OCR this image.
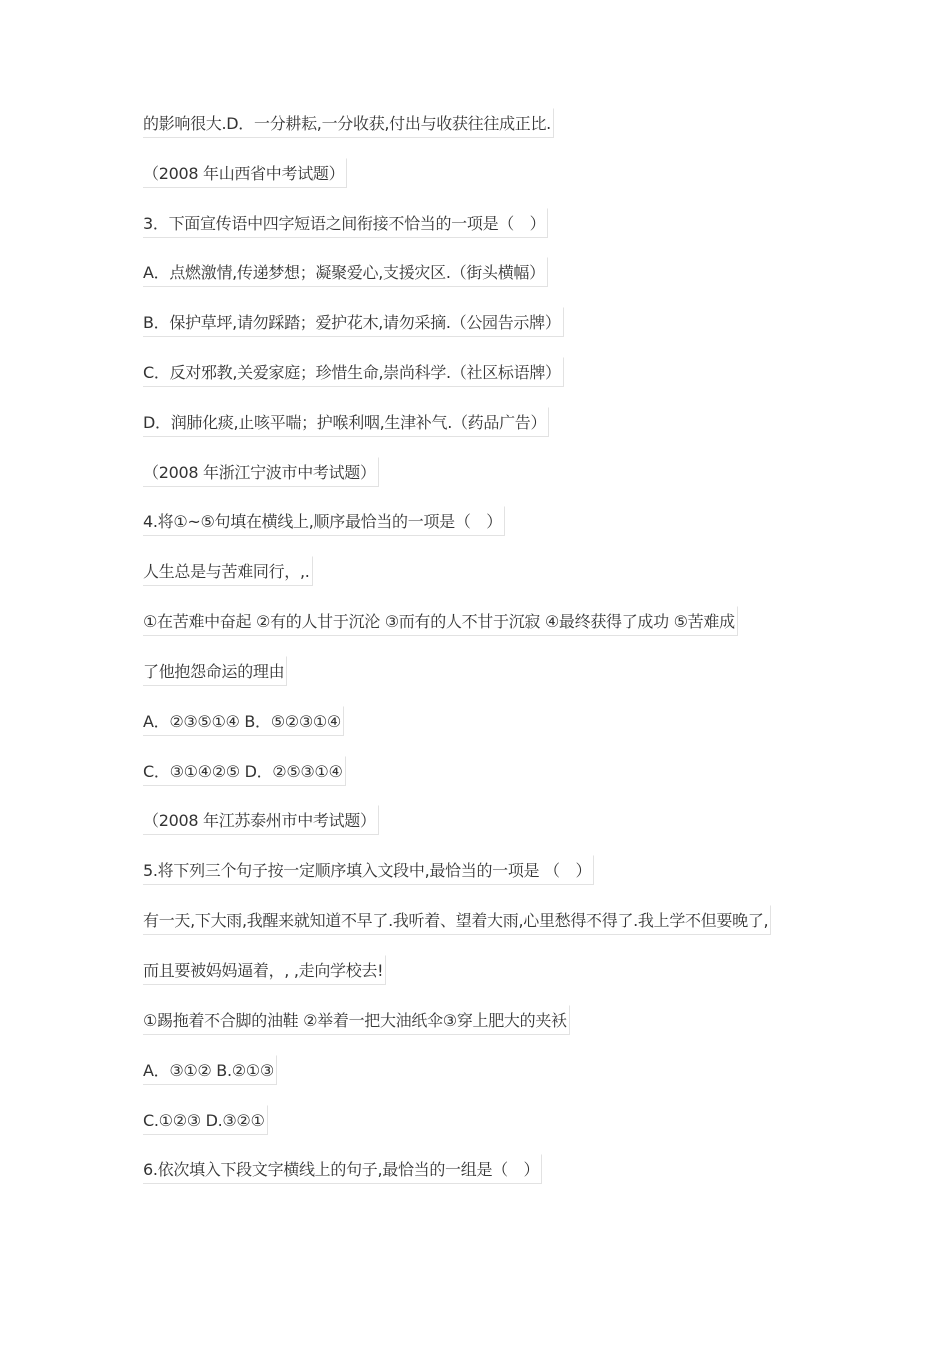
的影响很大.D．一分耕耘,一分收获,付出与收获往往成正比.
（2008 年山西省中考试题）
3．下面宣传语中四字短语之间衔接不恰当的一项是（　）
A．点燃激情,传递梦想；凝聚爱心,支援灾区.（街头横幅）
B．保护草坪,请勿踩踏；爱护花木,请勿采摘.（公园告示牌）
C．反对邪教,关爱家庭；珍惜生命,崇尚科学.（社区标语牌）
D．润肺化痰,止咳平喘；护喉利咽,生津补气.（药品广告）
（2008 年浙江宁波市中考试题）
4.将①~⑤句填在横线上,顺序最恰当的一项是（　）
人生总是与苦难同行，,.
①在苦难中奋起 ②有的人甘于沉沦 ③而有的人不甘于沉寂 ④最终获得了成功 ⑤苦难成
了他抱怨命运的理由
A．②③⑤①④ B．⑤②③①④
C．③①④②⑤ D．②⑤③①④
（2008 年江苏泰州市中考试题）
5.将下列三个句子按一定顺序填入文段中,最恰当的一项是 （　）
有一天,下大雨,我醒来就知道不早了.我听着、望着大雨,心里愁得不得了.我上学不但要晚了,
而且要被妈妈逼着，, ,走向学校去!
①踢拖着不合脚的油鞋 ②举着一把大油纸伞③穿上肥大的夹袄
A．③①② B.②①③
C.①②③ D.③②①
6.依次填入下段文字横线上的句子,最恰当的一组是（　）
